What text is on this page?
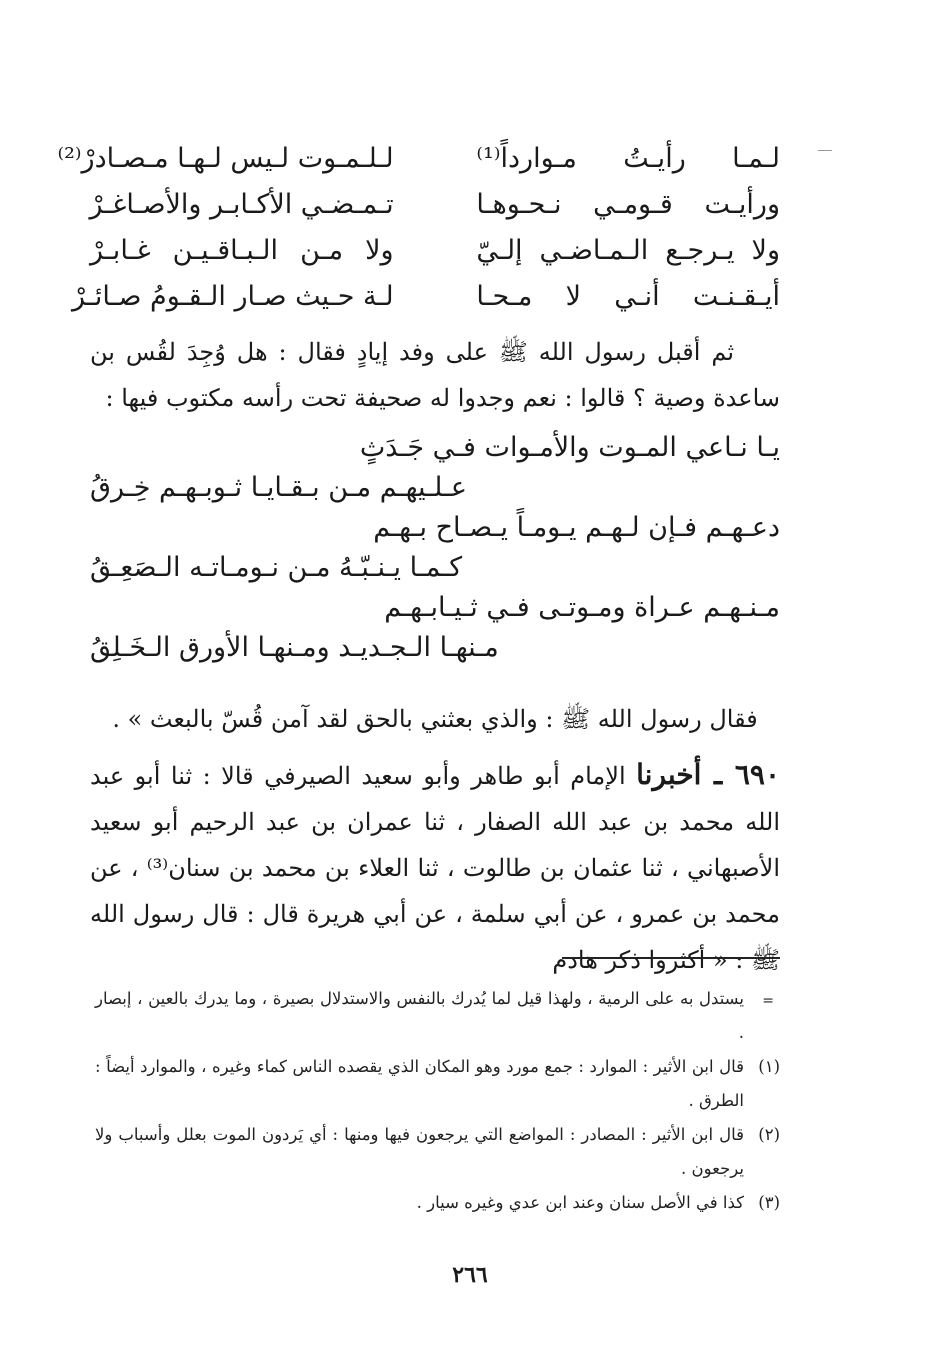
لـمـا رأيـتُ مـوارداً⁽¹⁾
لـلـمـوت لـيس لـهـا مـصـادرْ⁽²⁾
ورأيـت قـومـي نـحـوهـا
تـمـضـي الأكـابـر والأصـاغـرْ
ولا يـرجـع الـمـاضـي إلـيّ
ولا مـن الـبـاقـيـن غـابـرْ
أيـقـنـت أنـي لا مـحـا
لـة حـيث صـار الـقـومُ صـائـرْ
ثم أقبل رسول الله ﷺ على وفد إيادٍ فقال : هل وُجِدَ لقُس بن ساعدة وصية ؟ قالوا : نعم وجدوا له صحيفة تحت رأسه مكتوب فيها :
يـا نـاعي المـوت والأمـوات فـي جَـدَثٍ
عـلـيهـم مـن بـقـايـا ثـوبـهـم خِـرقُ
دعـهـم فـإن لـهـم يـومـاً يـصـاح بـهـم
كـمـا يـنـبّـهُ مـن نـومـاتـه الـصَعِـقُ
مـنـهـم عـراة ومـوتـى فـي ثـيـابـهـم
مـنهـا الـجـديـد ومـنهـا الأورق الـخَـلِقُ
فقال رسول الله ﷺ : والذي بعثني بالحق لقد آمن قُسّ بالبعث » .
٦٩٠ ـ أخبرنا الإمام أبو طاهر وأبو سعيد الصيرفي قالا : ثنا أبو عبد الله محمد بن عبد الله الصفار ، ثنا عمران بن عبد الرحيم أبو سعيد الأصبهاني ، ثنا عثمان بن طالوت ، ثنا العلاء بن محمد بن سنان⁽³⁾ ، عن محمد بن عمرو ، عن أبي سلمة ، عن أبي هريرة قال : قال رسول الله ﷺ : « أكثروا ذكر هادم
=
يستدل به على الرمية ، ولهذا قيل لما يُدرك بالنفس والاستدلال بصيرة ، وما يدرك بالعين ، إبصار .
(١)
قال ابن الأثير : الموارد : جمع مورد وهو المكان الذي يقصده الناس كماء وغيره ، والموارد أيضاً : الطرق .
(٢)
قال ابن الأثير : المصادر : المواضع التي يرجعون فيها ومنها : أي يَردون الموت بعلل وأسباب ولا يرجعون .
(٣)
كذا في الأصل سنان وعند ابن عدي وغيره سيار .
٢٦٦
